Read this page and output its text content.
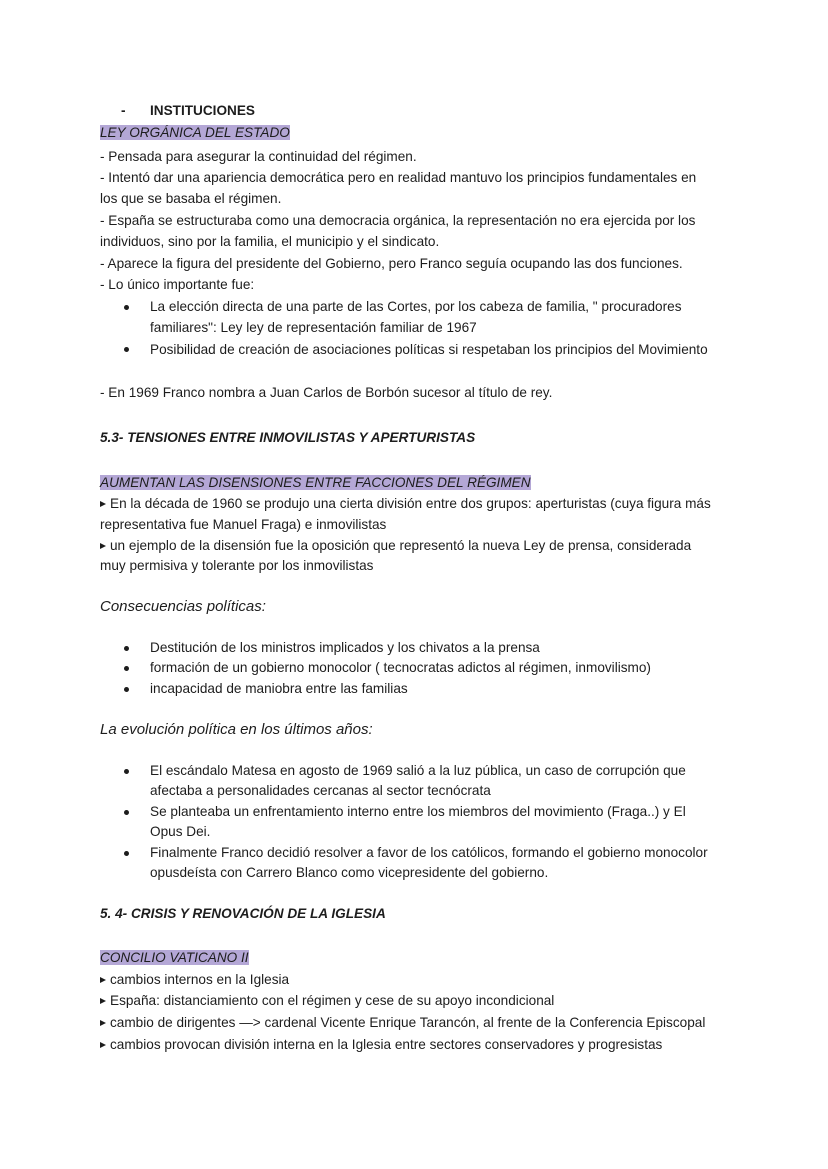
- INSTITUCIONES
LEY ORGÁNICA DEL ESTADO
- Pensada para asegurar la continuidad del régimen.
- Intentó dar una apariencia democrática pero en realidad mantuvo los principios fundamentales en
los que se basaba el régimen.
- España se estructuraba como una democracia orgánica, la representación no era ejercida por los
individuos, sino por la familia, el municipio y el sindicato.
- Aparece la figura del presidente del Gobierno, pero Franco seguía ocupando las dos funciones.
- Lo único importante fue:
La elección directa de una parte de las Cortes, por los cabeza de familia, " procuradores
familiares": Ley ley de representación familiar de 1967
Posibilidad de creación de asociaciones políticas si respetaban los principios del Movimiento
- En 1969 Franco nombra a Juan Carlos de Borbón sucesor al título de rey.
5.3- TENSIONES ENTRE INMOVILISTAS Y APERTURISTAS
AUMENTAN LAS DISENSIONES ENTRE FACCIONES DEL RÉGIMEN
En la década de 1960 se produjo una cierta división entre dos grupos: aperturistas (cuya figura más
representativa fue Manuel Fraga) e inmovilistas
un ejemplo de la disensión fue la oposición que representó la nueva Ley de prensa, considerada
muy permisiva y tolerante por los inmovilistas
Consecuencias políticas:
Destitución de los ministros implicados y los chivatos a la prensa
formación de un gobierno monocolor ( tecnocratas adictos al régimen, inmovilismo)
incapacidad de maniobra entre las familias
La evolución política en los últimos años:
El escándalo Matesa en agosto de 1969 salió a la luz pública, un caso de corrupción que
afectaba a personalidades cercanas al sector tecnócrata
Se planteaba un enfrentamiento interno entre los miembros del movimiento (Fraga..) y El
Opus Dei.
Finalmente Franco decidió resolver a favor de los católicos, formando el gobierno monocolor
opusdeísta con Carrero Blanco como vicepresidente del gobierno.
5. 4- CRISIS Y RENOVACIÓN DE LA IGLESIA
CONCILIO VATICANO II
cambios internos en la Iglesia
España: distanciamiento con el régimen y cese de su apoyo incondicional
cambio de dirigentes —> cardenal Vicente Enrique Tarancón, al frente de la Conferencia Episcopal
cambios provocan división interna en la Iglesia entre sectores conservadores y progresistas
